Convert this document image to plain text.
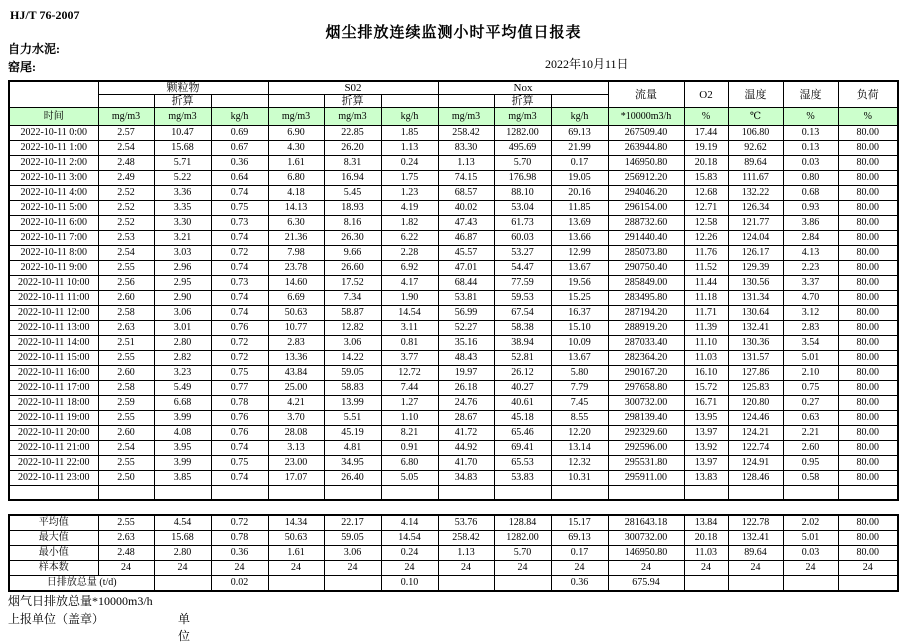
HJ/T 76-2007
烟尘排放连续监测小时平均值日报表
自力水泥:
窑尾:	2022年10月11日
	颗粒物			S02			Nox			流量	O2	温度	湿度	负荷
		折算			折算			折算						
时间	mg/m3	mg/m3	kg/h	mg/m3	mg/m3	kg/h	mg/m3	mg/m3	kg/h	*10000m3/h	%	℃	%	%
2022-10-11 0:00	2.57	10.47	0.69	6.90	22.85	1.85	258.42	1282.00	69.13	267509.40	17.44	106.80	0.13	80.00
2022-10-11 1:00	2.54	15.68	0.67	4.30	26.20	1.13	83.30	495.69	21.99	263944.80	19.19	92.62	0.13	80.00
2022-10-11 2:00	2.48	5.71	0.36	1.61	8.31	0.24	1.13	5.70	0.17	146950.80	20.18	89.64	0.03	80.00
2022-10-11 3:00	2.49	5.22	0.64	6.80	16.94	1.75	74.15	176.98	19.05	256912.20	15.83	111.67	0.80	80.00
2022-10-11 4:00	2.52	3.36	0.74	4.18	5.45	1.23	68.57	88.10	20.16	294046.20	12.68	132.22	0.68	80.00
2022-10-11 5:00	2.52	3.35	0.75	14.13	18.93	4.19	40.02	53.04	11.85	296154.00	12.71	126.34	0.93	80.00
2022-10-11 6:00	2.52	3.30	0.73	6.30	8.16	1.82	47.43	61.73	13.69	288732.60	12.58	121.77	3.86	80.00
2022-10-11 7:00	2.53	3.21	0.74	21.36	26.30	6.22	46.87	60.03	13.66	291440.40	12.26	124.04	2.84	80.00
2022-10-11 8:00	2.54	3.03	0.72	7.98	9.66	2.28	45.57	53.27	12.99	285073.80	11.76	126.17	4.13	80.00
2022-10-11 9:00	2.55	2.96	0.74	23.78	26.60	6.92	47.01	54.47	13.67	290750.40	11.52	129.39	2.23	80.00
2022-10-11 10:00	2.56	2.95	0.73	14.60	17.52	4.17	68.44	77.59	19.56	285849.00	11.44	130.56	3.37	80.00
2022-10-11 11:00	2.60	2.90	0.74	6.69	7.34	1.90	53.81	59.53	15.25	283495.80	11.18	131.34	4.70	80.00
2022-10-11 12:00	2.58	3.06	0.74	50.63	58.87	14.54	56.99	67.54	16.37	287194.20	11.71	130.64	3.12	80.00
2022-10-11 13:00	2.63	3.01	0.76	10.77	12.82	3.11	52.27	58.38	15.10	288919.20	11.39	132.41	2.83	80.00
2022-10-11 14:00	2.51	2.80	0.72	2.83	3.06	0.81	35.16	38.94	10.09	287033.40	11.10	130.36	3.54	80.00
2022-10-11 15:00	2.55	2.82	0.72	13.36	14.22	3.77	48.43	52.81	13.67	282364.20	11.03	131.57	5.01	80.00
2022-10-11 16:00	2.60	3.23	0.75	43.84	59.05	12.72	19.97	26.12	5.80	290167.20	16.10	127.86	2.10	80.00
2022-10-11 17:00	2.58	5.49	0.77	25.00	58.83	7.44	26.18	40.27	7.79	297658.80	15.72	125.83	0.75	80.00
2022-10-11 18:00	2.59	6.68	0.78	4.21	13.99	1.27	24.76	40.61	7.45	300732.00	16.71	120.80	0.27	80.00
2022-10-11 19:00	2.55	3.99	0.76	3.70	5.51	1.10	28.67	45.18	8.55	298139.40	13.95	124.46	0.63	80.00
2022-10-11 20:00	2.60	4.08	0.76	28.08	45.19	8.21	41.72	65.46	12.20	292329.60	13.97	124.21	2.21	80.00
2022-10-11 21:00	2.54	3.95	0.74	3.13	4.81	0.91	44.92	69.41	13.14	292596.00	13.92	122.74	2.60	80.00
2022-10-11 22:00	2.55	3.99	0.75	23.00	34.95	6.80	41.70	65.53	12.32	295531.80	13.97	124.91	0.95	80.00
2022-10-11 23:00	2.50	3.85	0.74	17.07	26.40	5.05	34.83	53.83	10.31	295911.00	13.83	128.46	0.58	80.00

平均值	2.55	4.54	0.72	14.34	22.17	4.14	53.76	128.84	15.17	281643.18	13.84	122.78	2.02	80.00
最大值	2.63	15.68	0.78	50.63	59.05	14.54	258.42	1282.00	69.13	300732.00	20.18	132.41	5.01	80.00
最小值	2.48	2.80	0.36	1.61	3.06	0.24	1.13	5.70	0.17	146950.80	11.03	89.64	0.03	80.00
样本数	24	24	24	24	24	24	24	24	24	24	24	24	24	24
日排放总量 (t/d)			0.02			0.10			0.36	675.94				
烟气日排放总量*10000m3/h
上报单位（盖章）	单位
